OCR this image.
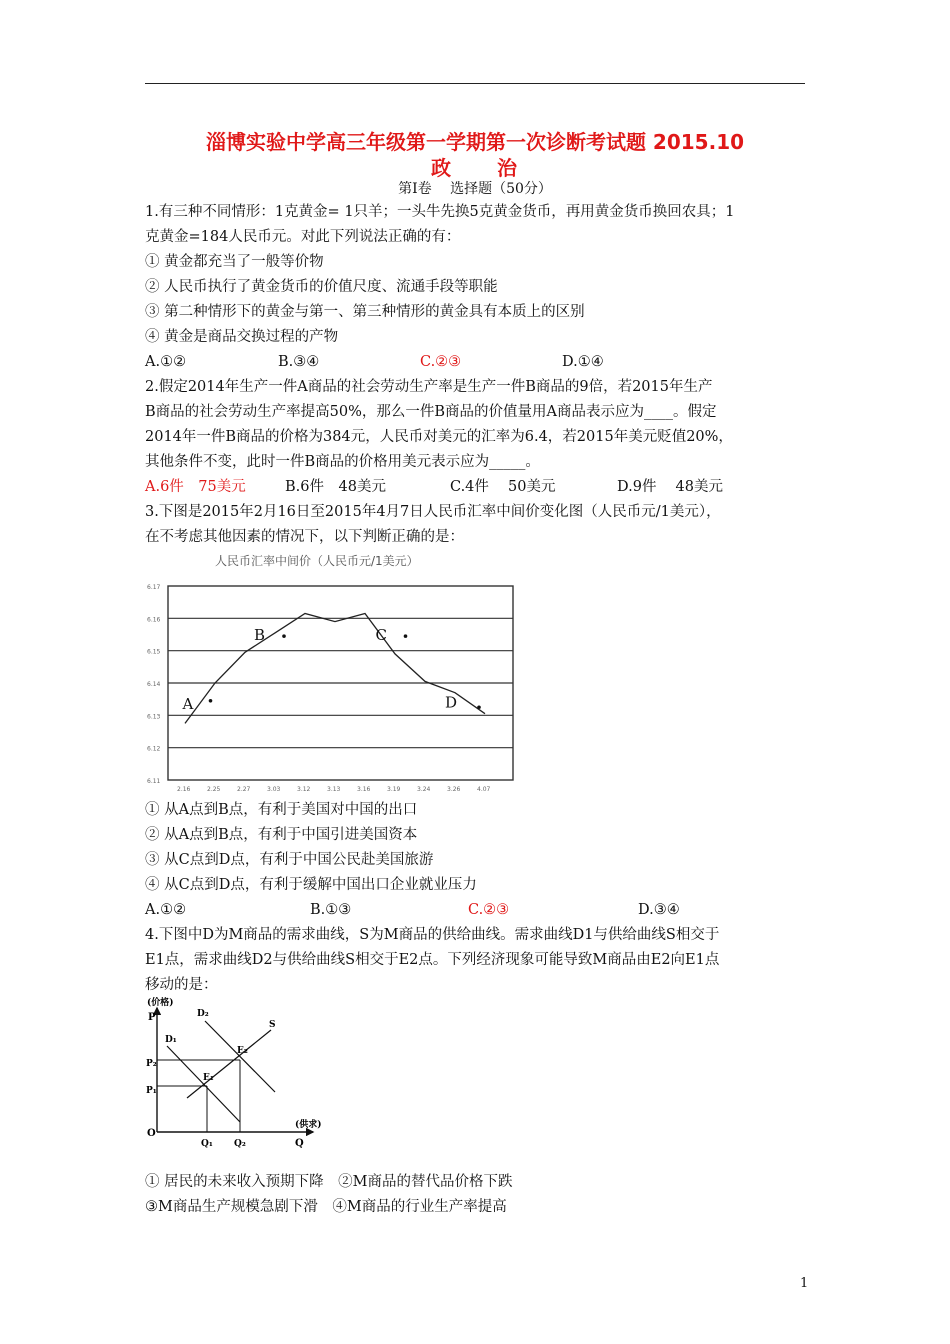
淄博实验中学高三年级第一学期第一次诊断考试题 2015.10
政　　治
第Ⅰ卷　 选择题（50分）
1.有三种不同情形：1克黄金= 1只羊；一头牛先换5克黄金货币，再用黄金货币换回农具；1
克黄金=184人民币元。对此下列说法正确的有：
① 黄金都充当了一般等价物
② 人民币执行了黄金货币的价值尺度、流通手段等职能
③ 第二种情形下的黄金与第一、第三种情形的黄金具有本质上的区别
④ 黄金是商品交换过程的产物
A.①②	B.③④	C.②③	D.①④
2.假定2014年生产一件A商品的社会劳动生产率是生产一件B商品的9倍，若2015年生产
B商品的社会劳动生产率提高50%，那么一件B商品的价值量用A商品表示应为____。假定
2014年一件B商品的价格为384元，人民币对美元的汇率为6.4，若2015年美元贬值20%，
其他条件不变，此时一件B商品的价格用美元表示应为_____。
A.6件　75美元	B.6件　48美元	C.4件　 50美元	D.9件　 48美元
3.下图是2015年2月16日至2015年4月7日人民币汇率中间价变化图（人民币元/1美元），
在不考虑其他因素的情况下，以下判断正确的是：
人民币汇率中间价（人民币元/1美元）
6.11
6.12
6.13
6.14
6.15
6.16
6.17
2.16	2.25	2.27	3.03	3.12	3.13	3.16	3.19	3.24	3.26	4.07
A
B	C
D
① 从A点到B点，有利于美国对中国的出口
② 从A点到B点，有利于中国引进美国资本
③ 从C点到D点，有利于中国公民赴美国旅游
④ 从C点到D点，有利于缓解中国出口企业就业压力
A.①②	B.①③	C.②③	D.③④
4.下图中D为M商品的需求曲线，S为M商品的供给曲线。需求曲线D1与供给曲线S相交于
E1点，需求曲线D2与供给曲线S相交于E2点。下列经济现象可能导致M商品由E2向E1点
移动的是：
(价格)
P
P₂
P₁
O
Q₁ Q₂	Q
(供求)
D₁
D₂
S
E₁
E₂
① 居民的未来收入预期下降　②M商品的替代品价格下跌
③M商品生产规模急剧下滑　④M商品的行业生产率提高
1
